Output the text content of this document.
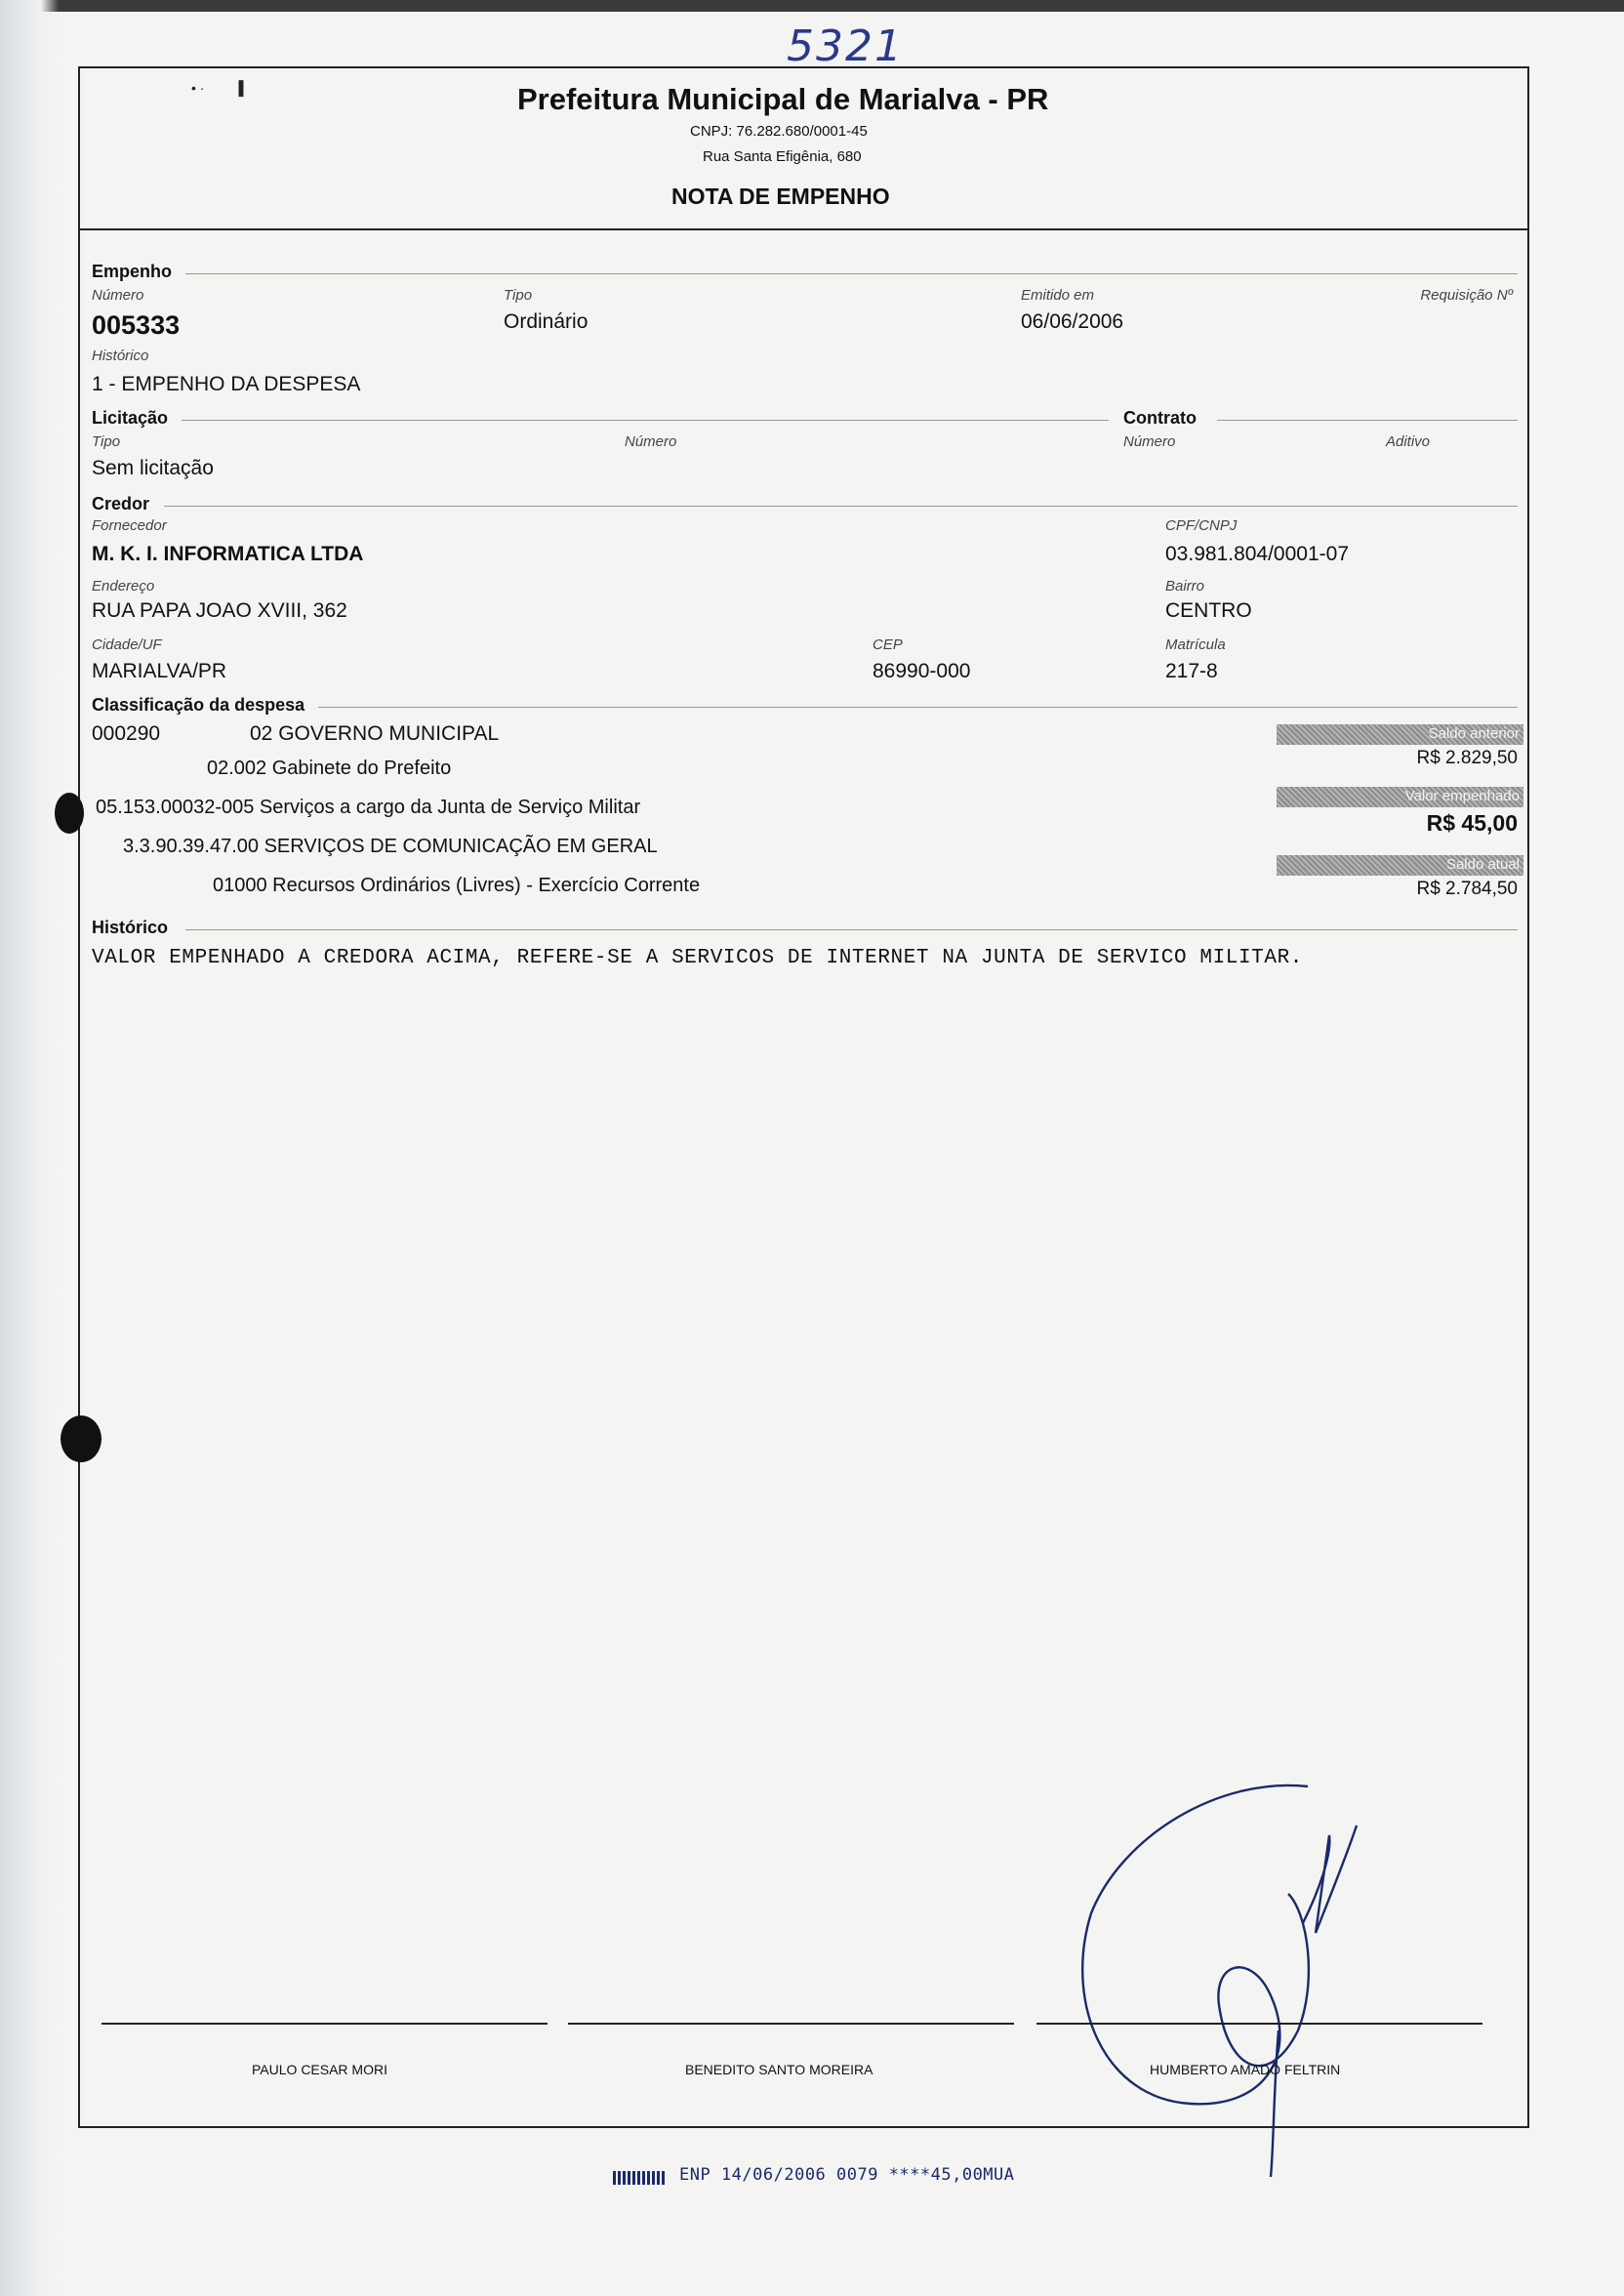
5321
• ·         ▌	Prefeitura Municipal de Marialva - PR
CNPJ: 76.282.680/0001-45
Rua Santa Efigênia, 680
NOTA DE EMPENHO
Empenho
Número
005333
Tipo
Ordinário
Emitido em
06/06/2006
Requisição Nº
Histórico
1 - EMPENHO DA DESPESA
Licitação	Contrato
Tipo
Sem licitação
Número	Número	Aditivo
Credor
Fornecedor
M. K. I. INFORMATICA LTDA
CPF/CNPJ
03.981.804/0001-07
Endereço
RUA PAPA JOAO XVIII, 362
Bairro
CENTRO
Cidade/UF
MARIALVA/PR
CEP
86990-000
Matrícula
217-8
Classificação da despesa
000290	02 GOVERNO MUNICIPAL
02.002 Gabinete do Prefeito
05.153.00032-005 Serviços a cargo da Junta de Serviço Militar
3.3.90.39.47.00 SERVIÇOS DE COMUNICAÇÃO EM GERAL
01000 Recursos Ordinários (Livres) - Exercício Corrente
Saldo anterior
R$ 2.829,50
Valor empenhado
R$ 45,00
Saldo atual
R$ 2.784,50
Histórico
VALOR EMPENHADO A CREDORA ACIMA, REFERE-SE A SERVICOS DE INTERNET NA JUNTA DE SERVICO MILITAR.
PAULO CESAR MORI	BENEDITO SANTO MOREIRA	HUMBERTO AMADO FELTRIN
ENP 14/06/2006 0079 ****45,00MUA
